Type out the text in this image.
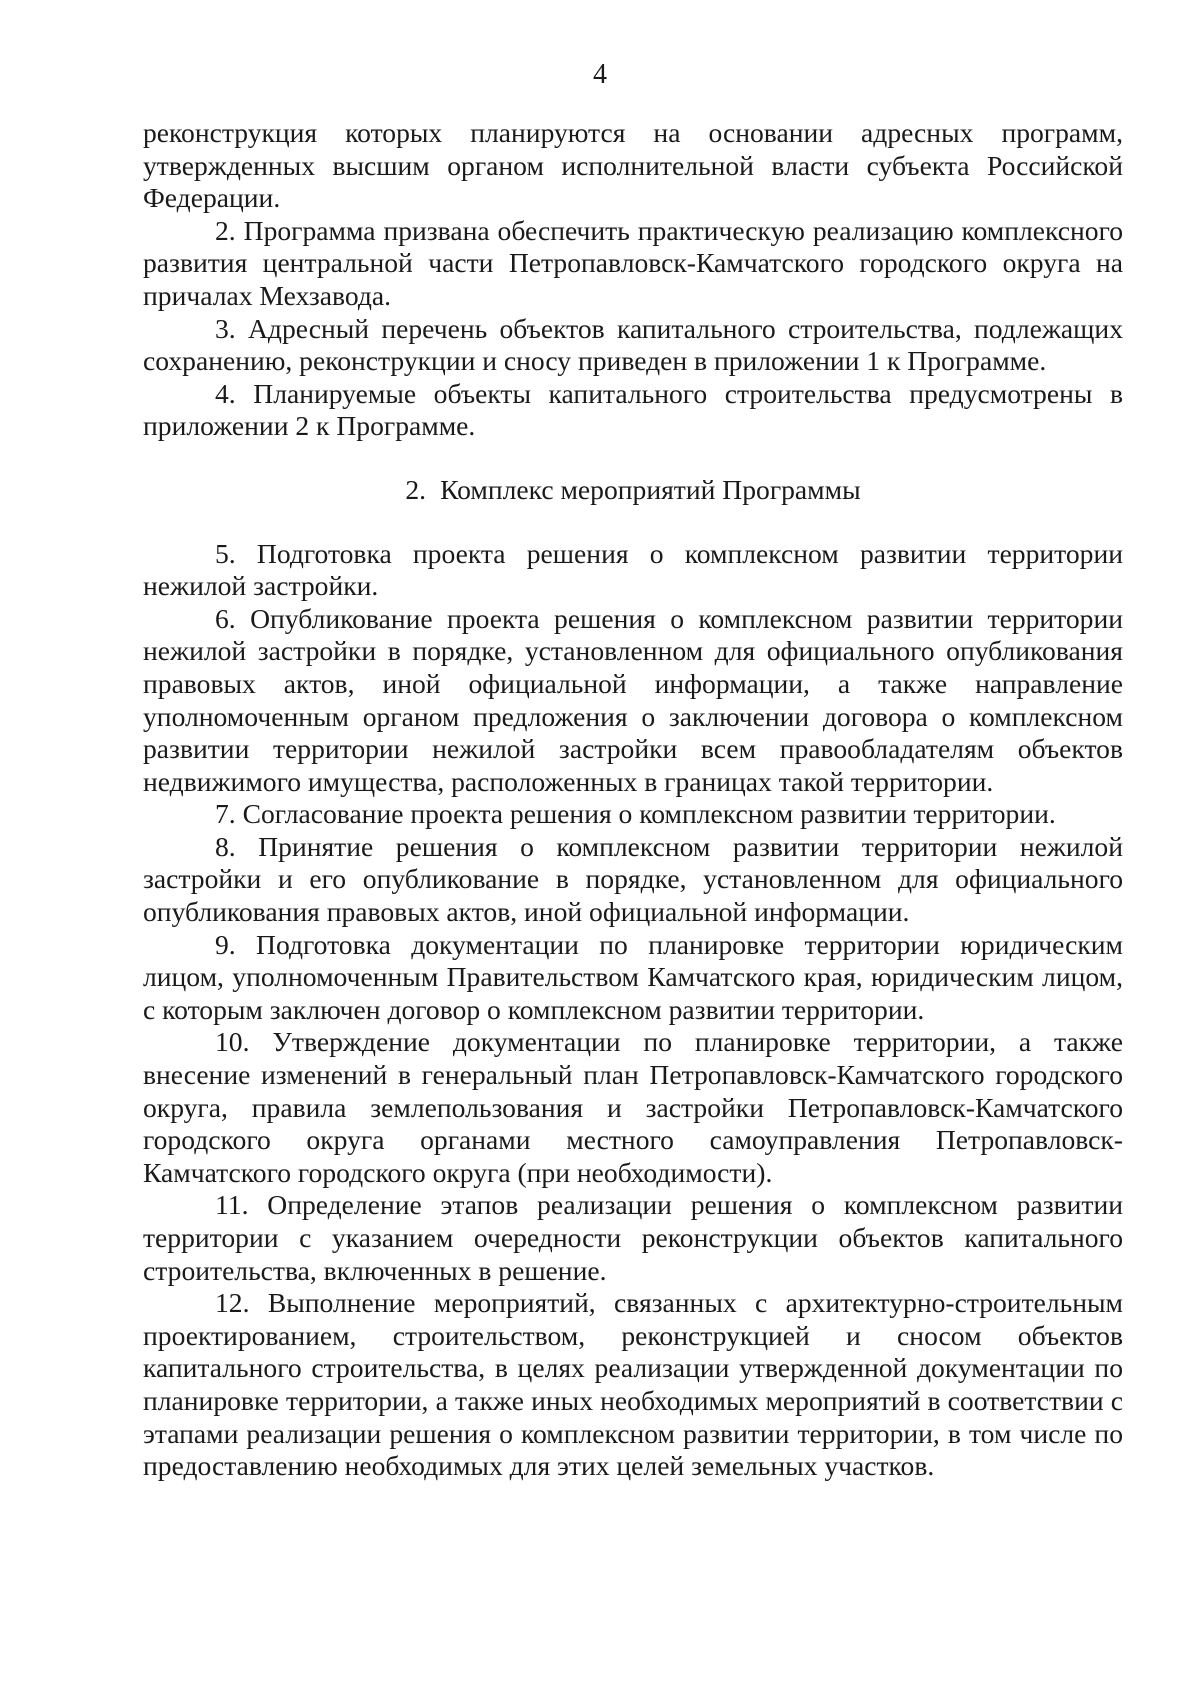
4

реконструкция которых планируются на основании адресных программ, утвержденных высшим органом исполнительной власти субъекта Российской Федерации.

2. Программа призвана обеспечить практическую реализацию комплексного развития центральной части Петропавловск-Камчатского городского округа на причалах Мехзавода.

3. Адресный перечень объектов капитального строительства, подлежащих сохранению, реконструкции и сносу приведен в приложении 1 к Программе.

4. Планируемые объекты капитального строительства предусмотрены в приложении 2 к Программе.

2. Комплекс мероприятий Программы

5. Подготовка проекта решения о комплексном развитии территории нежилой застройки.

6. Опубликование проекта решения о комплексном развитии территории нежилой застройки в порядке, установленном для официального опубликования правовых актов, иной официальной информации, а также направление уполномоченным органом предложения о заключении договора о комплексном развитии территории нежилой застройки всем правообладателям объектов недвижимого имущества, расположенных в границах такой территории.

7. Согласование проекта решения о комплексном развитии территории.

8. Принятие решения о комплексном развитии территории нежилой застройки и его опубликование в порядке, установленном для официального опубликования правовых актов, иной официальной информации.

9. Подготовка документации по планировке территории юридическим лицом, уполномоченным Правительством Камчатского края, юридическим лицом, с которым заключен договор о комплексном развитии территории.

10. Утверждение документации по планировке территории, а также внесение изменений в генеральный план Петропавловск-Камчатского городского округа, правила землепользования и застройки Петропавловск-Камчатского городского округа органами местного самоуправления Петропавловск-Камчатского городского округа (при необходимости).

11. Определение этапов реализации решения о комплексном развитии территории с указанием очередности реконструкции объектов капитального строительства, включенных в решение.

12. Выполнение мероприятий, связанных с архитектурно-строительным проектированием, строительством, реконструкцией и сносом объектов капитального строительства, в целях реализации утвержденной документации по планировке территории, а также иных необходимых мероприятий в соответствии с этапами реализации решения о комплексном развитии территории, в том числе по предоставлению необходимых для этих целей земельных участков.
